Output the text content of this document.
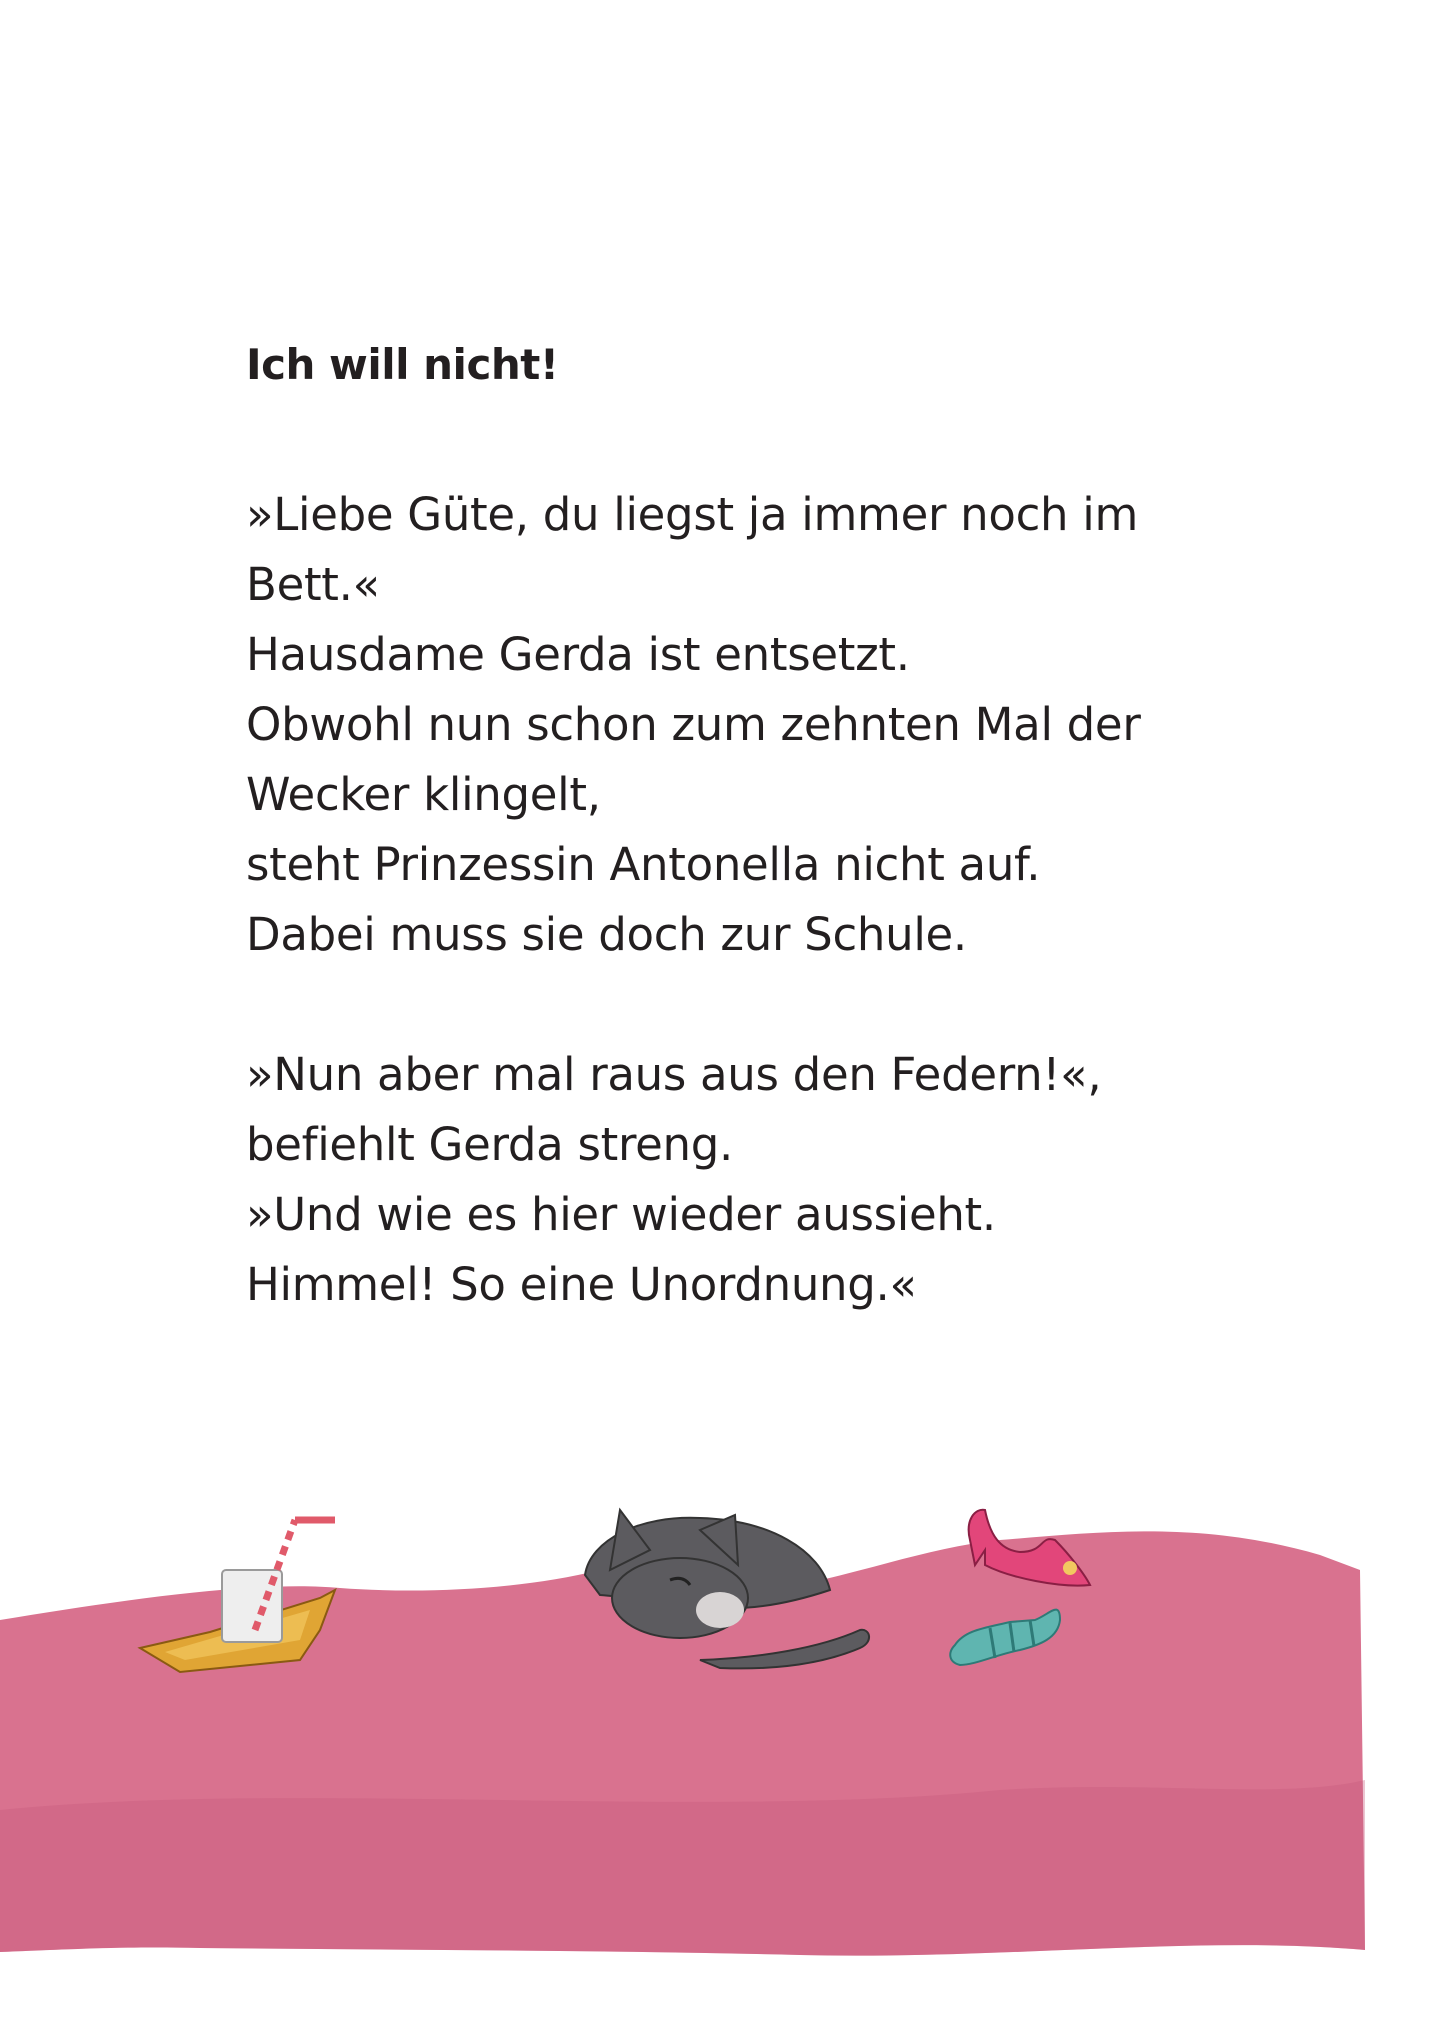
Ich will nicht!

»Liebe Güte, du liegst ja immer noch im
Bett.«
Hausdame Gerda ist entsetzt.
Obwohl nun schon zum zehnten Mal der
Wecker klingelt,
steht Prinzessin Antonella nicht auf.
Dabei muss sie doch zur Schule.

»Nun aber mal raus aus den Federn!«,
befiehlt Gerda streng.
»Und wie es hier wieder aussieht.
Himmel! So eine Unordnung.«
